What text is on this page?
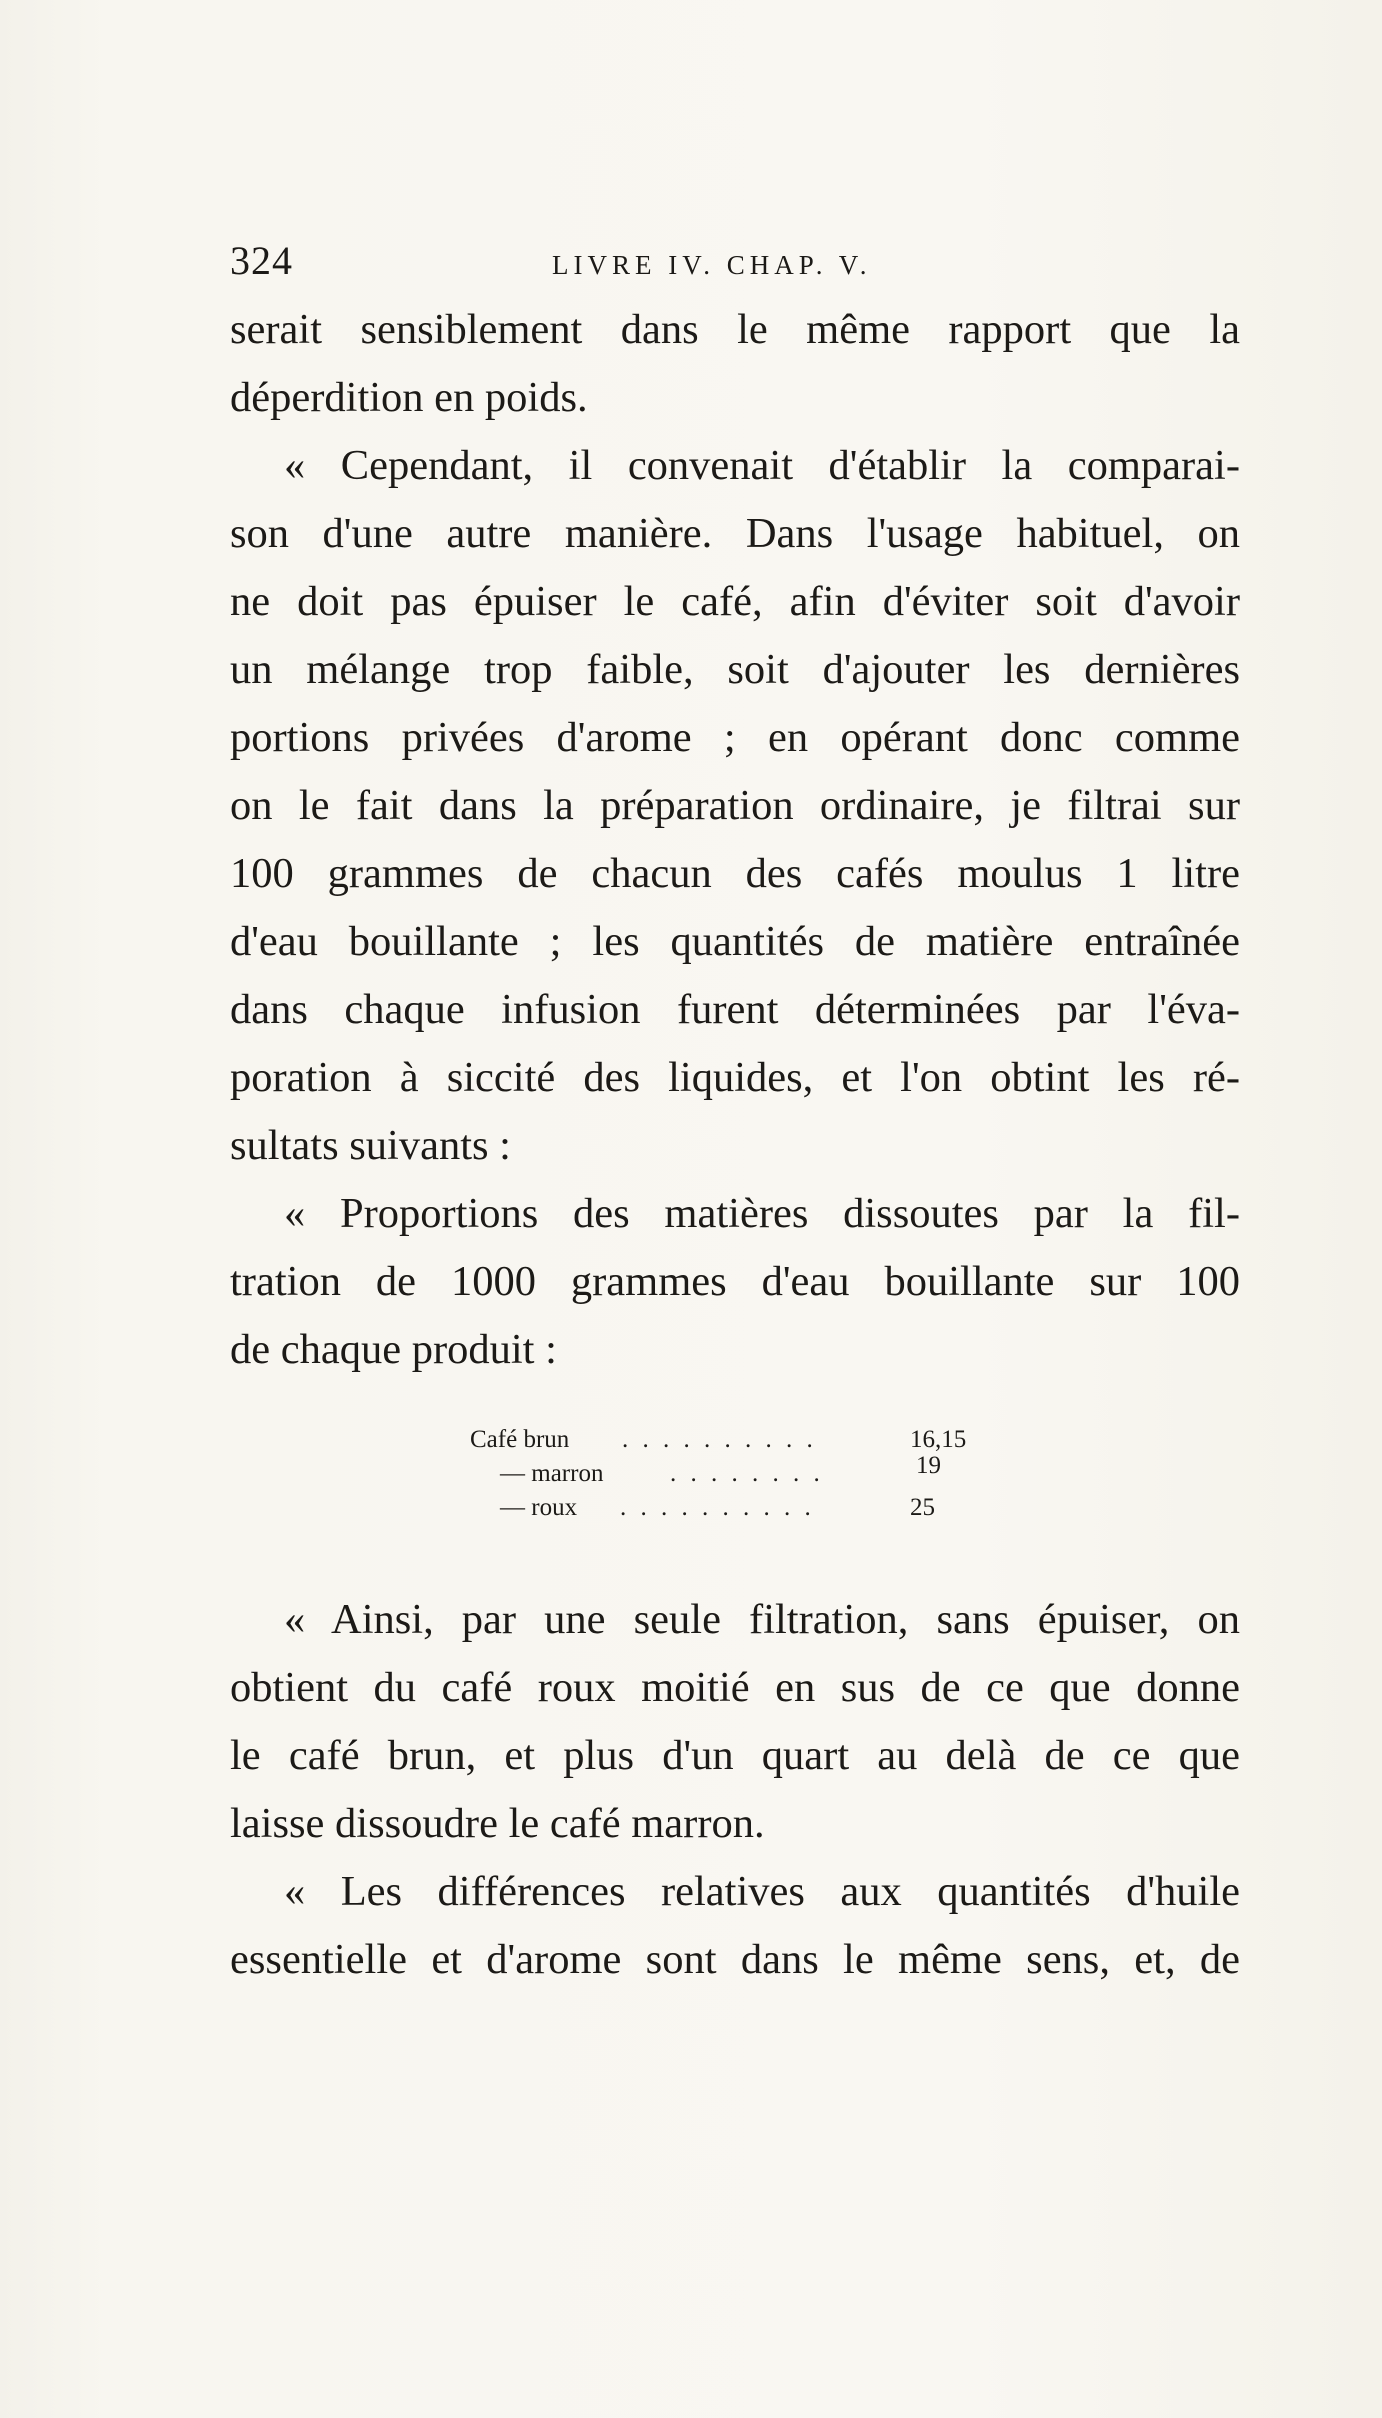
324	LIVRE IV. CHAP. V.
serait sensiblement dans le même rapport que la
déperdition en poids.
« Cependant, il convenait d'établir la comparai-
son d'une autre manière. Dans l'usage habituel, on
ne doit pas épuiser le café, afin d'éviter soit d'avoir
un mélange trop faible, soit d'ajouter les dernières
portions privées d'arome ; en opérant donc comme
on le fait dans la préparation ordinaire, je filtrai sur
100 grammes de chacun des cafés moulus 1 litre
d'eau bouillante ; les quantités de matière entraînée
dans chaque infusion furent déterminées par l'éva-
poration à siccité des liquides, et l'on obtint les ré-
sultats suivants :
« Proportions des matières dissoutes par la fil-
tration de 1000 grammes d'eau bouillante sur 100
de chaque produit :
Café brun . . . . . . . . . .	16,15
— marron	. . . . . . . .	19
— roux . . . . . . . . . .	25
« Ainsi, par une seule filtration, sans épuiser, on
obtient du café roux moitié en sus de ce que donne
le café brun, et plus d'un quart au delà de ce que
laisse dissoudre le café marron.
« Les différences relatives aux quantités d'huile
essentielle et d'arome sont dans le même sens, et, de
